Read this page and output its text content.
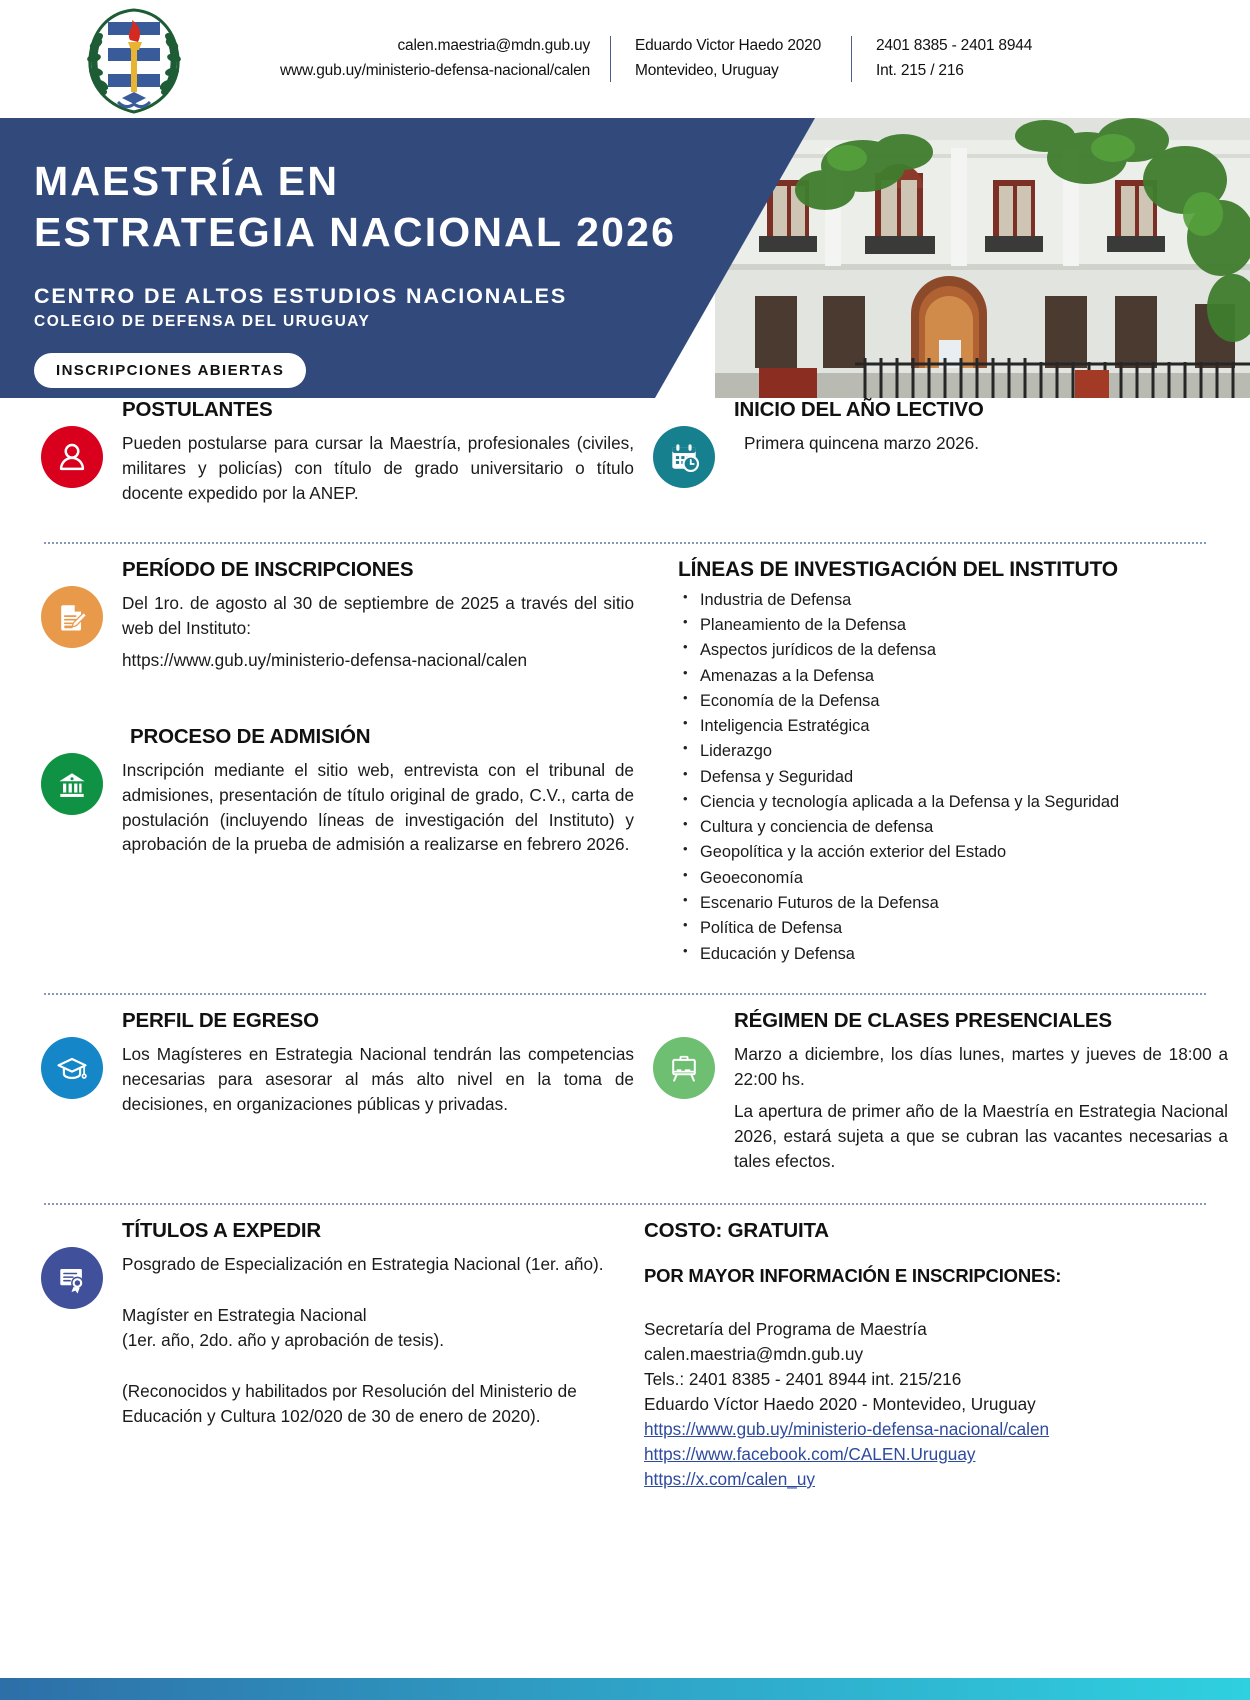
calen.maestria@mdn.gub.uy
www.gub.uy/ministerio-defensa-nacional/calen
Eduardo Victor Haedo 2020
Montevideo, Uruguay
2401 8385 - 2401 8944
Int. 215 / 216
MAESTRÍA EN
ESTRATEGIA NACIONAL 2026
CENTRO DE ALTOS ESTUDIOS NACIONALES
COLEGIO DE DEFENSA DEL URUGUAY
INSCRIPCIONES ABIERTAS
POSTULANTES
Pueden postularse para cursar la Maestría, profesionales (civiles, militares y policías) con título de grado universitario o título docente expedido por la ANEP.
INICIO DEL AÑO LECTIVO
Primera quincena marzo 2026.
PERÍODO DE INSCRIPCIONES
Del 1ro. de agosto al 30 de septiembre de 2025 a través del sitio web del Instituto:
https://www.gub.uy/ministerio-defensa-nacional/calen
PROCESO DE ADMISIÓN
Inscripción mediante el sitio web, entrevista con el tribunal de admisiones, presentación de título original de grado, C.V., carta de postulación (incluyendo líneas de investigación del Instituto) y aprobación de la prueba de admisión a realizarse en febrero 2026.
LÍNEAS DE INVESTIGACIÓN DEL INSTITUTO
• Industria de Defensa
• Planeamiento de la Defensa
• Aspectos jurídicos de la defensa
• Amenazas a la Defensa
• Economía de la Defensa
• Inteligencia Estratégica
• Liderazgo
• Defensa y Seguridad
• Ciencia y tecnología aplicada a la Defensa y la Seguridad
• Cultura y conciencia de defensa
• Geopolítica y la acción exterior del Estado
• Geoeconomía
• Escenario Futuros de la Defensa
• Política de Defensa
• Educación y Defensa
PERFIL DE EGRESO
Los Magísteres en Estrategia Nacional tendrán las competencias necesarias para asesorar al más alto nivel en la toma de decisiones, en organizaciones públicas y privadas.
RÉGIMEN DE CLASES PRESENCIALES
Marzo a diciembre, los días lunes, martes y jueves de 18:00 a 22:00 hs.
La apertura de primer año de la Maestría en Estrategia Nacional 2026, estará sujeta a que se cubran las vacantes necesarias a tales efectos.
TÍTULOS A EXPEDIR
Posgrado de Especialización en Estrategia Nacional (1er. año).
Magíster en Estrategia Nacional
(1er. año, 2do. año y aprobación de tesis).
(Reconocidos y habilitados por Resolución del Ministerio de Educación y Cultura 102/020 de 30 de enero de 2020).
COSTO: GRATUITA
POR MAYOR INFORMACIÓN E INSCRIPCIONES:
Secretaría del Programa de Maestría
calen.maestria@mdn.gub.uy
Tels.: 2401 8385 - 2401 8944 int. 215/216
Eduardo Víctor Haedo 2020 - Montevideo, Uruguay
https://www.gub.uy/ministerio-defensa-nacional/calen
https://www.facebook.com/CALEN.Uruguay
https://x.com/calen_uy
